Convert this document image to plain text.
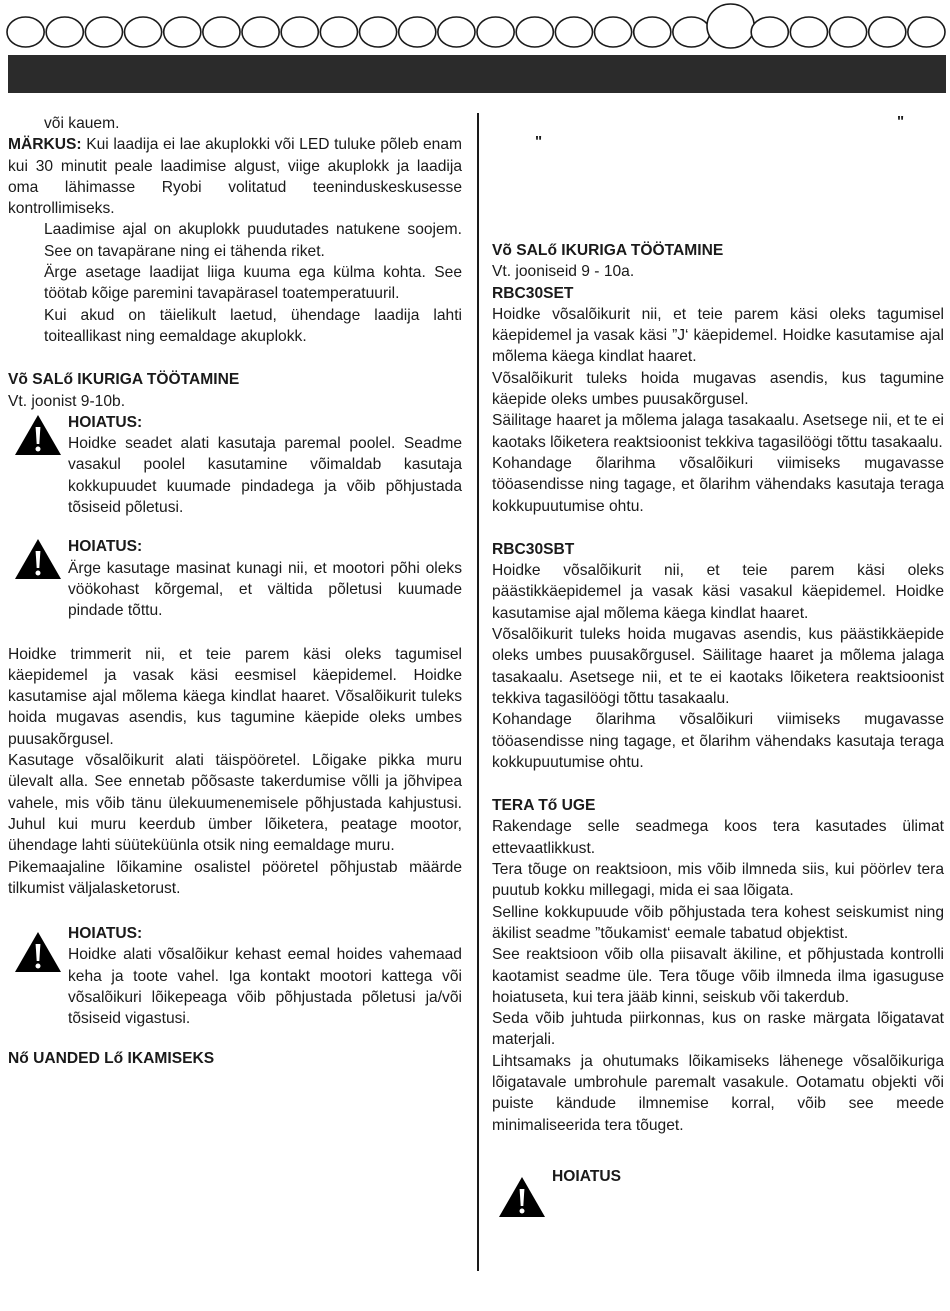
või kauem.

MÄRKUS: Kui laadija ei lae akuplokki või LED tuluke põleb enam kui 30 minutit peale laadimise algust, viige akuplokk ja laadija oma lähimasse Ryobi volitatud teeninduskeskusesse kontrollimiseks.

Laadimise ajal on akuplokk puudutades natukene soojem. See on tavapärane ning ei tähenda riket.

Ärge asetage laadijat liiga kuuma ega külma kohta. See töötab kõige paremini tavapärasel toatemperatuuril.

Kui akud on täielikult laetud, ühendage laadija lahti toiteallikast ning eemaldage akuplokk.

Võ SALő IKURIGA TÖÖTAMINE

Vt. joonist 9-10b.

HOIATUS:

Hoidke seadet alati kasutaja paremal poolel. Seadme vasakul poolel kasutamine võimaldab kasutaja kokkupuudet kuumade pindadega ja võib põhjustada tõsiseid põletusi.

HOIATUS:

Ärge kasutage masinat kunagi nii, et mootori põhi oleks vöökohast kõrgemal, et vältida põletusi kuumade pindade tõttu.

Hoidke trimmerit nii, et teie parem käsi oleks tagumisel käepidemel ja vasak käsi eesmisel käepidemel. Hoidke kasutamise ajal mõlema käega kindlat haaret. Võsalõikurit tuleks hoida mugavas asendis, kus tagumine käepide oleks umbes puusakõrgusel.

Kasutage võsalõikurit alati täispööretel. Lõigake pikka muru ülevalt alla. See ennetab põõsaste takerdumise võlli ja jõhvipea vahele, mis võib tänu ülekuumenemisele põhjustada kahjustusi. Juhul kui muru keerdub ümber lõiketera, peatage mootor, ühendage lahti süüteküünla otsik ning eemaldage muru.

Pikemaajaline lõikamine osalistel pööretel põhjustab määrde tilkumist väljalasketorust.

HOIATUS:

Hoidke alati võsalõikur kehast eemal hoides vahemaad keha ja toote vahel. Iga kontakt mootori kattega või võsalõikuri lõikepeaga võib põhjustada põletusi ja/või tõsiseid vigastusi.

Nő UANDED Lő IKAMISEKS

"
"

Võ SALő IKURIGA TÖÖTAMINE

Vt. jooniseid 9 - 10a.

RBC30SET

Hoidke võsalõikurit nii, et teie parem käsi oleks tagumisel käepidemel ja vasak käsi ”J‘ käepidemel. Hoidke kasutamise ajal mõlema käega kindlat haaret.

Võsalõikurit tuleks hoida mugavas asendis, kus tagumine käepide oleks umbes puusakõrgusel.

Säilitage haaret ja mõlema jalaga tasakaalu. Asetsege nii, et te ei kaotaks lõiketera reaktsioonist tekkiva tagasilöögi tõttu tasakaalu.

Kohandage õlarihma võsalõikuri viimiseks mugavasse tööasendisse ning tagage, et õlarihm vähendaks kasutaja teraga kokkupuutumise ohtu.

RBC30SBT

Hoidke võsalõikurit nii, et teie parem käsi oleks päästikkäepidemel ja vasak käsi vasakul käepidemel. Hoidke kasutamise ajal mõlema käega kindlat haaret.

Võsalõikurit tuleks hoida mugavas asendis, kus päästikkäepide oleks umbes puusakõrgusel. Säilitage haaret ja mõlema jalaga tasakaalu. Asetsege nii, et te ei kaotaks lõiketera reaktsioonist tekkiva tagasilöögi tõttu tasakaalu.

Kohandage õlarihma võsalõikuri viimiseks mugavasse tööasendisse ning tagage, et õlarihm vähendaks kasutaja teraga kokkupuutumise ohtu.

TERA Tő UGE

Rakendage selle seadmega koos tera kasutades ülimat ettevaatlikkust.

Tera tõuge on reaktsioon, mis võib ilmneda siis, kui pöörlev tera puutub kokku millegagi, mida ei saa lõigata.

Selline kokkupuude võib põhjustada tera kohest seiskumist ning äkilist seadme ”tõukamist‘ eemale tabatud objektist.

See reaktsioon võib olla piisavalt äkiline, et põhjustada kontrolli kaotamist seadme üle. Tera tõuge võib ilmneda ilma igasuguse hoiatuseta, kui tera jääb kinni, seiskub või takerdub.

Seda võib juhtuda piirkonnas, kus on raske märgata lõigatavat materjali.

Lihtsamaks ja ohutumaks lõikamiseks lähenege võsalõikuriga lõigatavale umbrohule paremalt vasakule. Ootamatu objekti või puiste kändude ilmnemise korral, võib see meede minimaliseerida tera tõuget.

HOIATUS
